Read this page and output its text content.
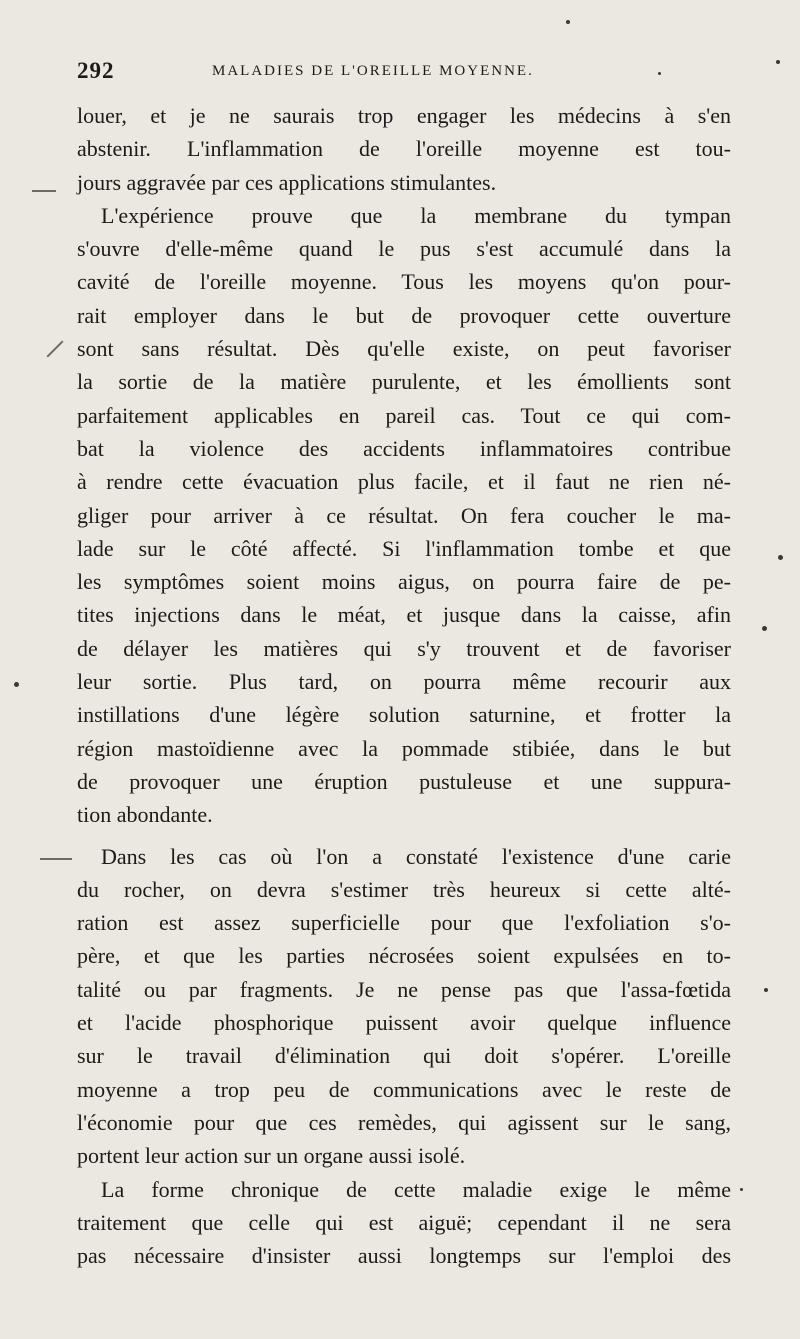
292	MALADIES DE L'OREILLE MOYENNE.
louer, et je ne saurais trop engager les médecins à s'en
abstenir. L'inflammation de l'oreille moyenne est tou-
jours aggravée par ces applications stimulantes.
L'expérience prouve que la membrane du tympan
s'ouvre d'elle-même quand le pus s'est accumulé dans la
cavité de l'oreille moyenne. Tous les moyens qu'on pour-
rait employer dans le but de provoquer cette ouverture
sont sans résultat. Dès qu'elle existe, on peut favoriser
la sortie de la matière purulente, et les émollients sont
parfaitement applicables en pareil cas. Tout ce qui com-
bat la violence des accidents inflammatoires contribue
à rendre cette évacuation plus facile, et il faut ne rien né-
gliger pour arriver à ce résultat. On fera coucher le ma-
lade sur le côté affecté. Si l'inflammation tombe et que
les symptômes soient moins aigus, on pourra faire de pe-
tites injections dans le méat, et jusque dans la caisse, afin
de délayer les matières qui s'y trouvent et de favoriser
leur sortie. Plus tard, on pourra même recourir aux
instillations d'une légère solution saturnine, et frotter la
région mastoïdienne avec la pommade stibiée, dans le but
de provoquer une éruption pustuleuse et une suppura-
tion abondante.
Dans les cas où l'on a constaté l'existence d'une carie
du rocher, on devra s'estimer très heureux si cette alté-
ration est assez superficielle pour que l'exfoliation s'o-
père, et que les parties nécrosées soient expulsées en to-
talité ou par fragments. Je ne pense pas que l'assa-fœtida
et l'acide phosphorique puissent avoir quelque influence
sur le travail d'élimination qui doit s'opérer. L'oreille
moyenne a trop peu de communications avec le reste de
l'économie pour que ces remèdes, qui agissent sur le sang,
portent leur action sur un organe aussi isolé.
La forme chronique de cette maladie exige le même
traitement que celle qui est aiguë; cependant il ne sera
pas nécessaire d'insister aussi longtemps sur l'emploi des
